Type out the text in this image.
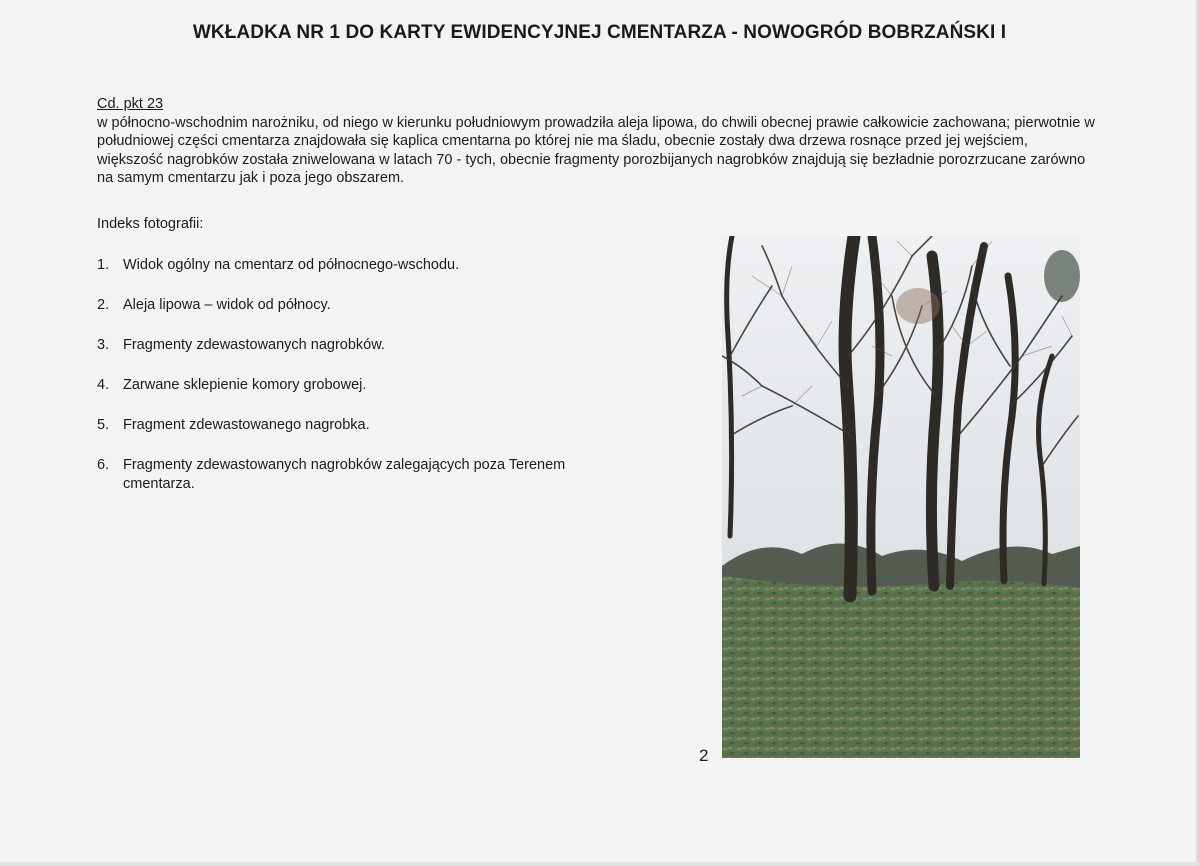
WKŁADKA NR 1 DO KARTY EWIDENCYJNEJ CMENTARZA - NOWOGRÓD BOBRZAŃSKI I
Cd. pkt 23
w północno-wschodnim narożniku, od niego w kierunku południowym prowadziła aleja lipowa, do chwili obecnej prawie całkowicie zachowana; pierwotnie w południowej części cmentarza znajdowała się kaplica cmentarna po której nie ma śladu, obecnie zostały dwa drzewa rosnące przed jej wejściem, większość nagrobków została zniwelowana w latach 70 - tych, obecnie fragmenty porozbijanych nagrobków znajdują się bezładnie porozrzucane zarówno na samym cmentarzu jak i poza jego obszarem.
Indeks fotografii:
1. Widok ogólny na cmentarz od północnego-wschodu.
2. Aleja lipowa – widok od północy.
3. Fragmenty zdewastowanych nagrobków.
4. Zarwane sklepienie komory grobowej.
5. Fragment zdewastowanego nagrobka.
6. Fragmenty zdewastowanych nagrobków zalegających poza Terenem cmentarza.
2
